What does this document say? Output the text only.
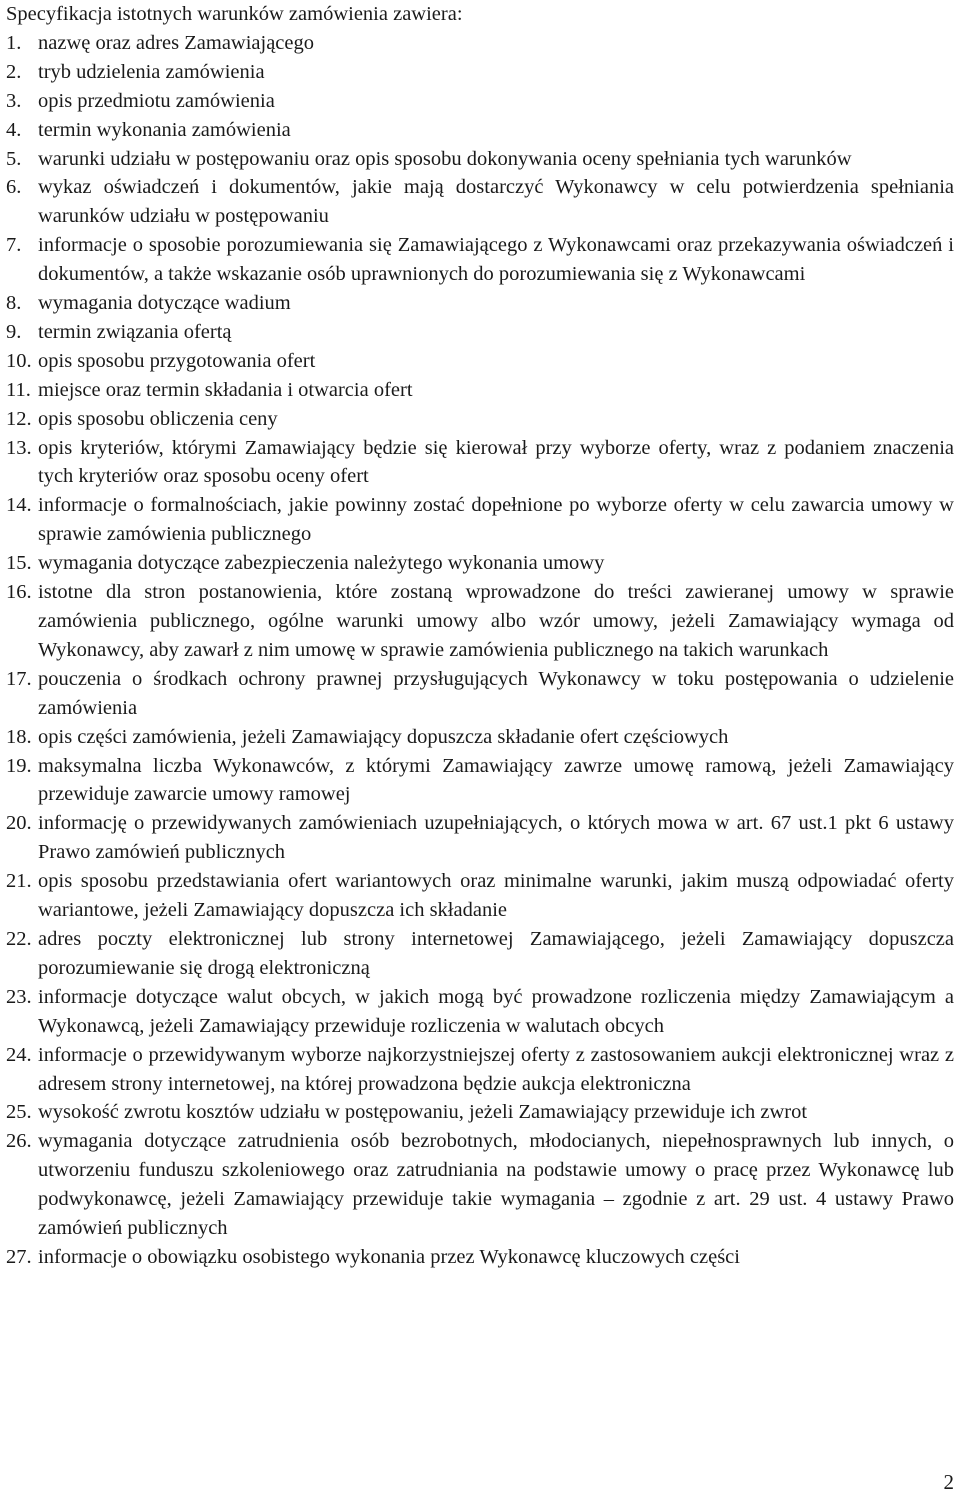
Specyfikacja istotnych warunków zamówienia zawiera:

1. nazwę oraz adres Zamawiającego
2. tryb udzielenia zamówienia
3. opis przedmiotu zamówienia
4. termin wykonania zamówienia
5. warunki udziału w postępowaniu oraz opis sposobu dokonywania oceny spełniania tych warunków
6. wykaz oświadczeń i dokumentów, jakie mają dostarczyć Wykonawcy w celu potwierdzenia spełniania warunków udziału w postępowaniu
7. informacje o sposobie porozumiewania się Zamawiającego z Wykonawcami oraz przekazywania oświadczeń i dokumentów, a także wskazanie osób uprawnionych do porozumiewania się z Wykonawcami
8. wymagania dotyczące wadium
9. termin związania ofertą
10. opis sposobu przygotowania ofert
11. miejsce oraz termin składania i otwarcia ofert
12. opis sposobu obliczenia ceny
13. opis kryteriów, którymi Zamawiający będzie się kierował przy wyborze oferty, wraz z podaniem znaczenia tych kryteriów oraz sposobu oceny ofert
14. informacje o formalnościach, jakie powinny zostać dopełnione po wyborze oferty w celu zawarcia umowy w sprawie zamówienia publicznego
15. wymagania dotyczące zabezpieczenia należytego wykonania umowy
16. istotne dla stron postanowienia, które zostaną wprowadzone do treści zawieranej umowy w sprawie zamówienia publicznego, ogólne warunki umowy albo wzór umowy, jeżeli Zamawiający wymaga od Wykonawcy, aby zawarł z nim umowę w sprawie zamówienia publicznego na takich warunkach
17. pouczenia o środkach ochrony prawnej przysługujących Wykonawcy w toku postępowania o udzielenie zamówienia
18. opis części zamówienia, jeżeli Zamawiający dopuszcza składanie ofert częściowych
19. maksymalna liczba Wykonawców, z którymi Zamawiający zawrze umowę ramową, jeżeli Zamawiający przewiduje zawarcie umowy ramowej
20. informację o przewidywanych zamówieniach uzupełniających, o których mowa w art. 67 ust.1 pkt 6 ustawy Prawo zamówień publicznych
21. opis sposobu przedstawiania ofert wariantowych oraz minimalne warunki, jakim muszą odpowiadać oferty wariantowe, jeżeli Zamawiający dopuszcza ich składanie
22. adres poczty elektronicznej lub strony internetowej Zamawiającego, jeżeli Zamawiający dopuszcza porozumiewanie się drogą elektroniczną
23. informacje dotyczące walut obcych, w jakich mogą być prowadzone rozliczenia między Zamawiającym a Wykonawcą, jeżeli Zamawiający przewiduje rozliczenia w walutach obcych
24. informacje o przewidywanym wyborze najkorzystniejszej oferty z zastosowaniem aukcji elektronicznej wraz z adresem strony internetowej, na której prowadzona będzie aukcja elektroniczna
25. wysokość zwrotu kosztów udziału w postępowaniu, jeżeli Zamawiający przewiduje ich zwrot
26. wymagania dotyczące zatrudnienia osób bezrobotnych, młodocianych, niepełnosprawnych lub innych, o utworzeniu funduszu szkoleniowego oraz zatrudniania na podstawie umowy o pracę przez Wykonawcę lub podwykonawcę, jeżeli Zamawiający przewiduje takie wymagania – zgodnie z art. 29 ust. 4 ustawy Prawo zamówień publicznych
27. informacje o obowiązku osobistego wykonania przez Wykonawcę kluczowych części
2
